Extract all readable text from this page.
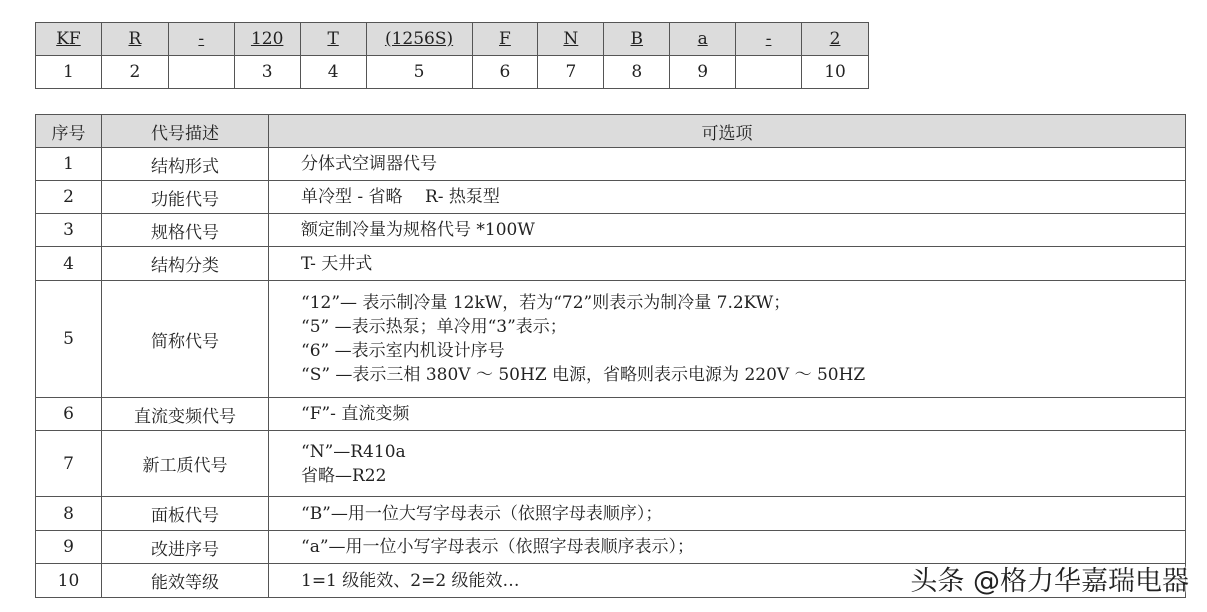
KF	R	-	120	T	(1256S)	F	N	B	a	-	2
1	2		3	4	5	6	7	8	9		10
序号	代号描述	可选项
1	结构形式	分体式空调器代号

2	功能代号	单冷型 - 省略　 R- 热泵型

3	规格代号	额定制冷量为规格代号 *100W

4	结构分类	T- 天井式

5	简称代号	“12”— 表示制冷量 12kW，若为“72”则表示为制冷量 7.2KW；
“5” —表示热泵；单冷用“3”表示；
“6” —表示室内机设计序号
“S” —表示三相 380V ～ 50HZ 电源，省略则表示电源为 220V ～ 50HZ

6	直流变频代号	“F”- 直流变频

7	新工质代号	“N”—R410a
省略—R22

8	面板代号	“B”—用一位大写字母表示（依照字母表顺序）；

9	改进序号	“a”—用一位小写字母表示（依照字母表顺序表示）；

10	能效等级	1=1 级能效、2=2 级能效…	头条 @格力华嘉瑞电器
